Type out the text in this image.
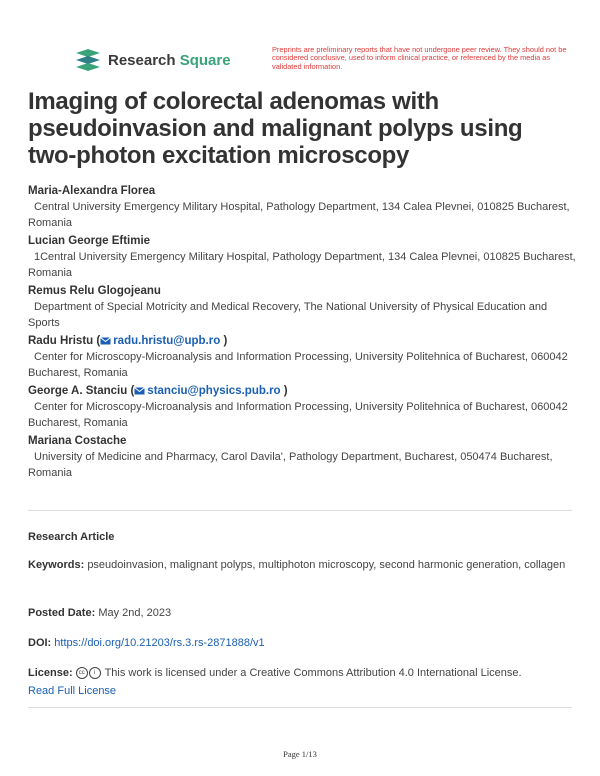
Research Square
Preprints are preliminary reports that have not undergone peer review. They should not be considered conclusive, used to inform clinical practice, or referenced by the media as validated information.
Imaging of colorectal adenomas with pseudoinvasion and malignant polyps using two-photon excitation microscopy
Maria-Alexandra Florea

Central University Emergency Military Hospital, Pathology Department, 134 Calea Plevnei, 010825 Bucharest, Romania

Lucian George Eftimie

1Central University Emergency Military Hospital, Pathology Department, 134 Calea Plevnei, 010825 Bucharest, Romania

Remus Relu Glogojeanu

Department of Special Motricity and Medical Recovery, The National University of Physical Education and Sports

Radu Hristu ( radu.hristu@upb.ro )

Center for Microscopy-Microanalysis and Information Processing, University Politehnica of Bucharest, 060042 Bucharest, Romania

George A. Stanciu ( stanciu@physics.pub.ro )

Center for Microscopy-Microanalysis and Information Processing, University Politehnica of Bucharest, 060042 Bucharest, Romania

Mariana Costache

University of Medicine and Pharmacy, Carol Davila', Pathology Department, Bucharest, 050474 Bucharest, Romania

Research Article
Keywords: pseudoinvasion, malignant polyps, multiphoton microscopy, second harmonic generation, collagen
Posted Date: May 2nd, 2023
DOI: https://doi.org/10.21203/rs.3.rs-2871888/v1
License: cc i This work is licensed under a Creative Commons Attribution 4.0 International License.
Read Full License
Page 1/13
